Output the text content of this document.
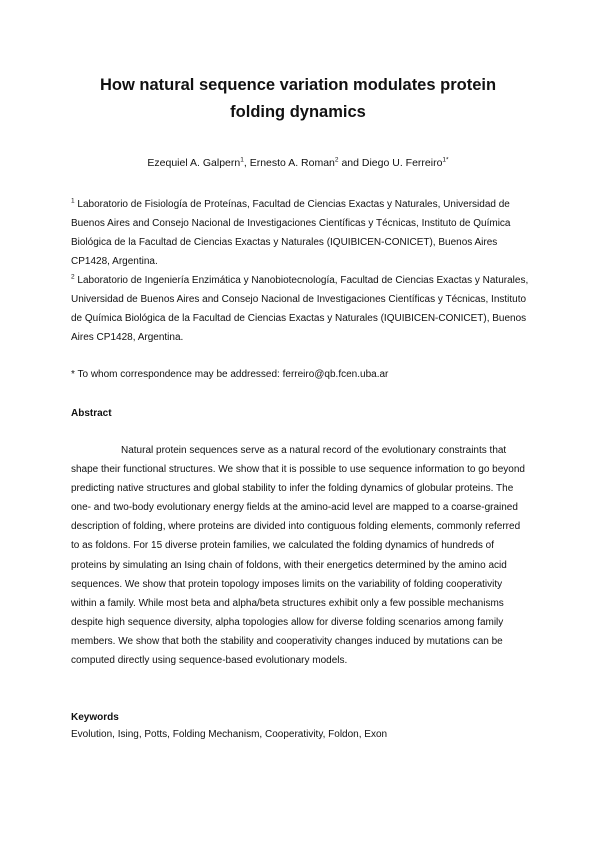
How natural sequence variation modulates protein
folding dynamics
Ezequiel A. Galpern$^1$, Ernesto A. Roman$^2$ and Diego U. Ferreiro$^{1*}$

$^1$ Laboratorio de Fisiología de Proteínas, Facultad de Ciencias Exactas y Naturales, Universidad de Buenos Aires and Consejo Nacional de Investigaciones Científicas y Técnicas, Instituto de Química Biológica de la Facultad de Ciencias Exactas y Naturales (IQUIBICEN-CONICET), Buenos Aires CP1428, Argentina.

$^2$ Laboratorio de Ingeniería Enzimática y Nanobiotecnología, Facultad de Ciencias Exactas y Naturales, Universidad de Buenos Aires and Consejo Nacional de Investigaciones Científicas y Técnicas, Instituto de Química Biológica de la Facultad de Ciencias Exactas y Naturales (IQUIBICEN-CONICET), Buenos Aires CP1428, Argentina.

* To whom correspondence may be addressed: ferreiro@qb.fcen.uba.ar
Abstract

Natural protein sequences serve as a natural record of the evolutionary constraints that shape their functional structures. We show that it is possible to use sequence information to go beyond predicting native structures and global stability to infer the folding dynamics of globular proteins. The one- and two-body evolutionary energy fields at the amino-acid level are mapped to a coarse-grained description of folding, where proteins are divided into contiguous folding elements, commonly referred to as foldons. For 15 diverse protein families, we calculated the folding dynamics of hundreds of proteins by simulating an Ising chain of foldons, with their energetics determined by the amino acid sequences. We show that protein topology imposes limits on the variability of folding cooperativity within a family. While most beta and alpha/beta structures exhibit only a few possible mechanisms despite high sequence diversity, alpha topologies allow for diverse folding scenarios among family members. We show that both the stability and cooperativity changes induced by mutations can be computed directly using sequence-based evolutionary models.

Keywords
Evolution, Ising, Potts, Folding Mechanism, Cooperativity, Foldon, Exon
